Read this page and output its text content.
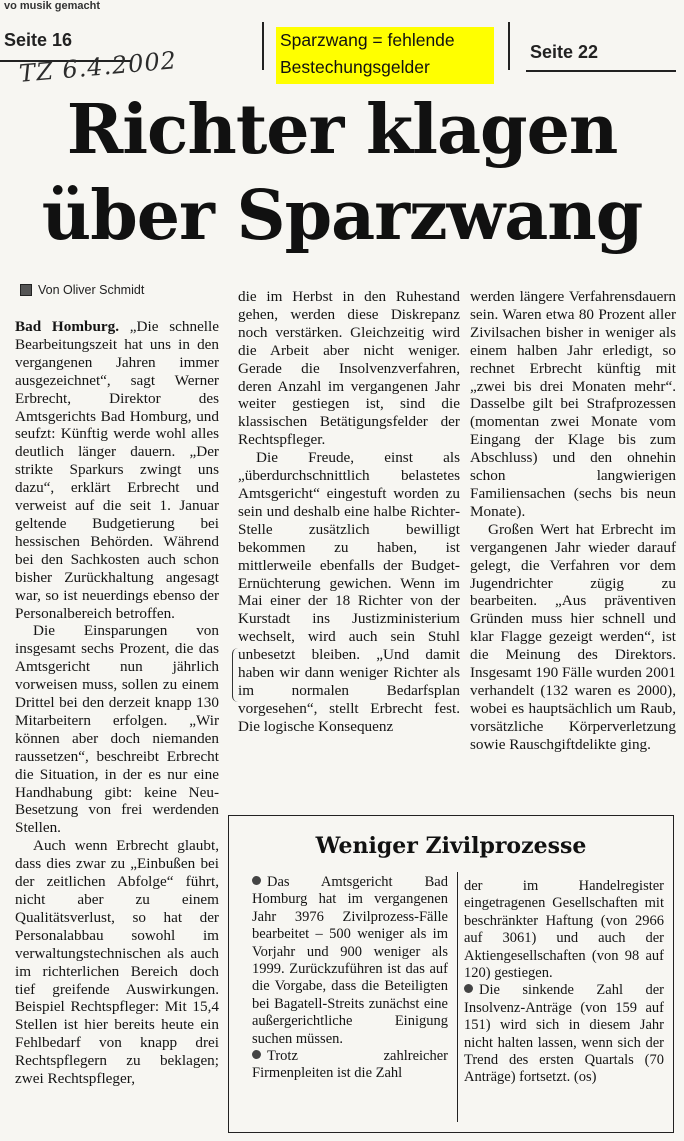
vo musik gemacht
Seite 16
Seite 22
Sparzwang = fehlende
Bestechungsgelder
TZ 6.4.2002
Richter klagen
über Sparzwang
Von Oliver Schmidt

Bad Homburg. „Die schnelle Bearbeitungszeit hat uns in den vergangenen Jahren immer ausgezeichnet“, sagt Werner Erbrecht, Direktor des Amtsgerichts Bad Homburg, und seufzt: Künftig werde wohl alles deutlich länger dauern. „Der strikte Sparkurs zwingt uns dazu“, erklärt Erbrecht und verweist auf die seit 1. Januar geltende Budgetierung bei hessischen Behörden. Während bei den Sachkosten auch schon bisher Zurückhaltung angesagt war, so ist neuerdings ebenso der Personalbereich betroffen.

Die Einsparungen von insgesamt sechs Prozent, die das Amtsgericht nun jährlich vorweisen muss, sollen zu einem Drittel bei den derzeit knapp 130 Mitarbeitern erfolgen. „Wir können aber doch niemanden raussetzen“, beschreibt Erbrecht die Situation, in der es nur eine Handhabung gibt: keine Neu-Besetzung von frei werdenden Stellen.

Auch wenn Erbrecht glaubt, dass dies zwar zu „Einbußen bei der zeitlichen Abfolge“ führt, nicht aber zu einem Qualitätsverlust, so hat der Personalabbau sowohl im verwaltungstechnischen als auch im richterlichen Bereich doch tief greifende Auswirkungen. Beispiel Rechtspfleger: Mit 15,4 Stellen ist hier bereits heute ein Fehlbedarf von knapp drei Rechtspflegern zu beklagen; zwei Rechtspfleger,

die im Herbst in den Ruhestand gehen, werden diese Diskrepanz noch verstärken. Gleichzeitig wird die Arbeit aber nicht weniger. Gerade die Insolvenzverfahren, deren Anzahl im vergangenen Jahr weiter gestiegen ist, sind die klassischen Betätigungsfelder der Rechtspfleger.

Die Freude, einst als „überdurchschnittlich belastetes Amtsgericht“ eingestuft worden zu sein und deshalb eine halbe Richter-Stelle zusätzlich bewilligt bekommen zu haben, ist mittlerweile ebenfalls der Budget-Ernüchterung gewichen. Wenn im Mai einer der 18 Richter von der Kurstadt ins Justizministerium wechselt, wird auch sein Stuhl unbesetzt bleiben. „Und damit haben wir dann weniger Richter als im normalen Bedarfsplan vorgesehen“, stellt Erbrecht fest. Die logische Konsequenz

werden längere Verfahrensdauern sein. Waren etwa 80 Prozent aller Zivilsachen bisher in weniger als einem halben Jahr erledigt, so rechnet Erbrecht künftig mit „zwei bis drei Monaten mehr“. Dasselbe gilt bei Strafprozessen (momentan zwei Monate vom Eingang der Klage bis zum Abschluss) und den ohnehin schon langwierigen Familiensachen (sechs bis neun Monate).

Großen Wert hat Erbrecht im vergangenen Jahr wieder darauf gelegt, die Verfahren vor dem Jugendrichter zügig zu bearbeiten. „Aus präventiven Gründen muss hier schnell und klar Flagge gezeigt werden“, ist die Meinung des Direktors. Insgesamt 190 Fälle wurden 2001 verhandelt (132 waren es 2000), wobei es hauptsächlich um Raub, vorsätzliche Körperverletzung sowie Rauschgiftdelikte ging.

Weniger Zivilprozesse

Das Amtsgericht Bad Homburg hat im vergangenen Jahr 3976 Zivilprozess-Fälle bearbeitet – 500 weniger als im Vorjahr und 900 weniger als 1999. Zurückzuführen ist das auf die Vorgabe, dass die Beteiligten bei Bagatell-Streits zunächst eine außergerichtliche Einigung suchen müssen.

Trotz zahlreicher Firmenpleiten ist die Zahl

der im Handelregister eingetragenen Gesellschaften mit beschränkter Haftung (von 2966 auf 3061) und auch der Aktiengesellschaften (von 98 auf 120) gestiegen.

Die sinkende Zahl der Insolvenz-Anträge (von 159 auf 151) wird sich in diesem Jahr nicht halten lassen, wenn sich der Trend des ersten Quartals (70 Anträge) fortsetzt. (os)
